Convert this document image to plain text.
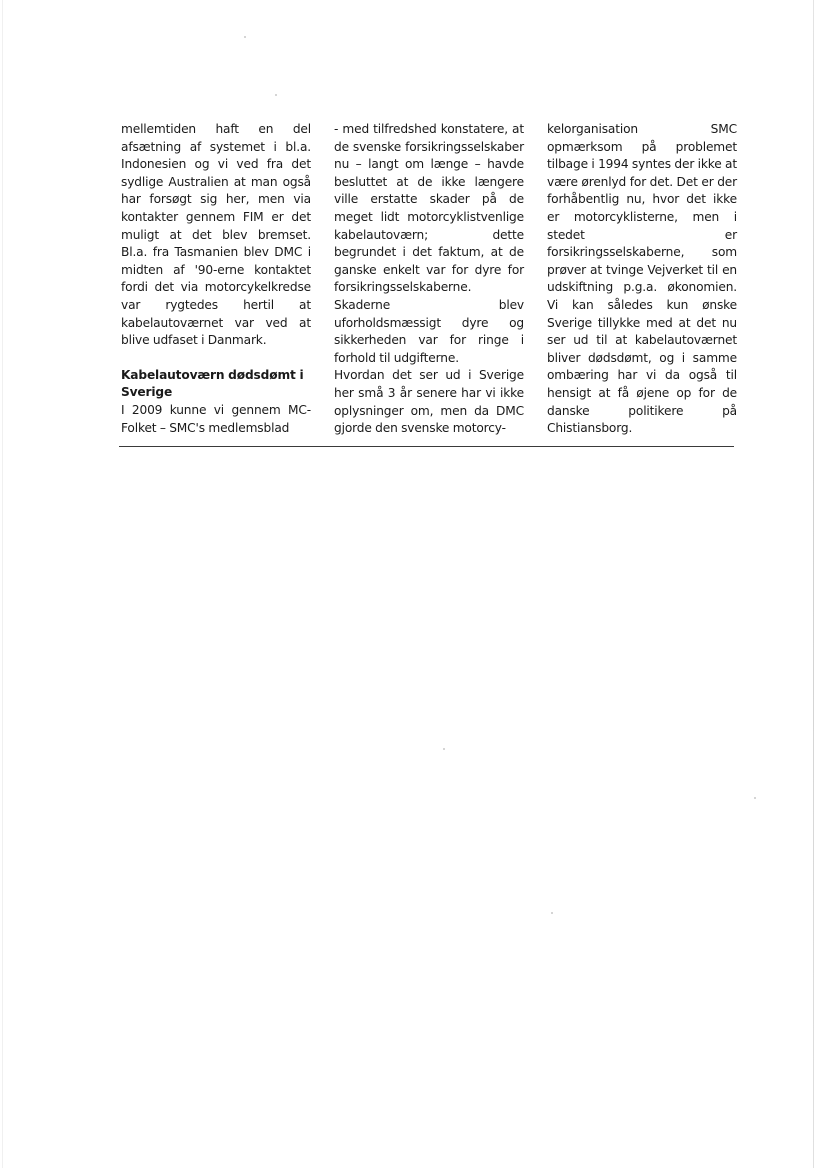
mellemtiden haft en del afsætning af systemet i bl.a. Indonesien og vi ved fra det sydlige Australien at man også har forsøgt sig her, men via kontakter gennem FIM er det muligt at det blev bremset. Bl.a. fra Tasmanien blev DMC i midten af '90-erne kontaktet fordi det via motorcykelkredse var rygtedes hertil at kabelautoværnet var ved at blive udfaset i Danmark.

Kabelautoværn dødsdømt i Sverige

I 2009 kunne vi gennem MC-Folket – SMC's medlemsblad

- med tilfredshed konstatere, at de svenske forsikringsselskaber nu – langt om længe – havde besluttet at de ikke længere ville erstatte skader på de meget lidt motorcyklistvenlige kabelautoværn; dette begrundet i det faktum, at de ganske enkelt var for dyre for forsikringsselskaberne. Skaderne blev uforholdsmæssigt dyre og sikkerheden var for ringe i forhold til udgifterne.

Hvordan det ser ud i Sverige her små 3 år senere har vi ikke oplysninger om, men da DMC gjorde den svenske motorcy-

kelorganisation SMC opmærksom på problemet tilbage i 1994 syntes der ikke at være ørenlyd for det. Det er der forhåbentlig nu, hvor det ikke er motorcyklisterne, men i stedet er forsikringsselskaberne, som prøver at tvinge Vejverket til en udskiftning p.g.a. økonomien. Vi kan således kun ønske Sverige tillykke med at det nu ser ud til at kabelautoværnet bliver dødsdømt, og i samme ombæring har vi da også til hensigt at få øjene op for de danske politikere på Chistiansborg.
